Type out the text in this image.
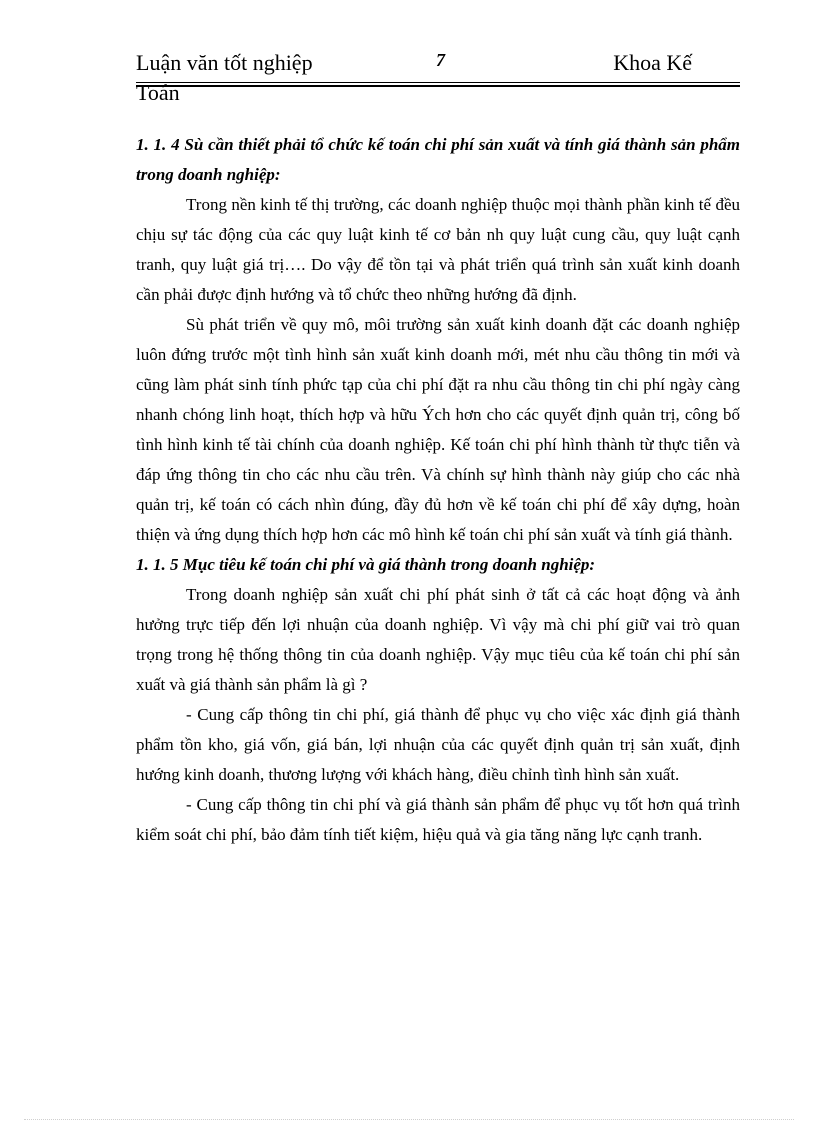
Luận văn tốt nghiệp
Toán
7	Khoa Kế

1. 1. 4 Sù cần thiết phải tổ chức kế toán chi phí sản xuất và tính giá thành sản phẩm trong doanh nghiệp:

Trong nền kinh tế thị trường, các doanh nghiệp thuộc mọi thành phần kinh tế đều chịu sự tác động của các quy luật kinh tế cơ bản nh quy luật cung cầu, quy luật cạnh tranh, quy luật giá trị…. Do vậy để tồn tại và phát triển quá trình sản xuất kinh doanh cần phải được định hướng và tổ chức theo những hướng đã định.

Sù phát triển về quy mô, môi trường sản xuất kinh doanh đặt các doanh nghiệp luôn đứng trước một tình hình sản xuất kinh doanh mới, mét nhu cầu thông tin mới và cũng làm phát sinh tính phức tạp của chi phí đặt ra nhu cầu thông tin chi phí ngày càng nhanh chóng linh hoạt, thích hợp và hữu Ých hơn cho các quyết định quản trị, công bố tình hình kinh tế tài chính của doanh nghiệp. Kế toán chi phí hình thành từ thực tiễn và đáp ứng thông tin cho các nhu cầu trên. Và chính sự hình thành này giúp cho các nhà quản trị, kế toán có cách nhìn đúng, đầy đủ hơn về kế toán chi phí để xây dựng, hoàn thiện và ứng dụng thích hợp hơn các mô hình kế toán chi phí sản xuất và tính giá thành.

1. 1. 5 Mục tiêu kế toán chi phí và giá thành trong doanh nghiệp:

Trong doanh nghiệp sản xuất chi phí phát sinh ở tất cả các hoạt động và ảnh hưởng trực tiếp đến lợi nhuận của doanh nghiệp. Vì vậy mà chi phí giữ vai trò quan trọng trong hệ thống thông tin của doanh nghiệp. Vậy mục tiêu của kế toán chi phí sản xuất và giá thành sản phẩm là gì ?

- Cung cấp thông tin chi phí, giá thành để phục vụ cho việc xác định giá thành phẩm tồn kho, giá vốn, giá bán, lợi nhuận của các quyết định quản trị sản xuất, định hướng kinh doanh, thương lượng với khách hàng, điều chỉnh tình hình sản xuất.

- Cung cấp thông tin chi phí và giá thành sản phẩm để phục vụ tốt hơn quá trình kiểm soát chi phí, bảo đảm tính tiết kiệm, hiệu quả và gia tăng năng lực cạnh tranh.
